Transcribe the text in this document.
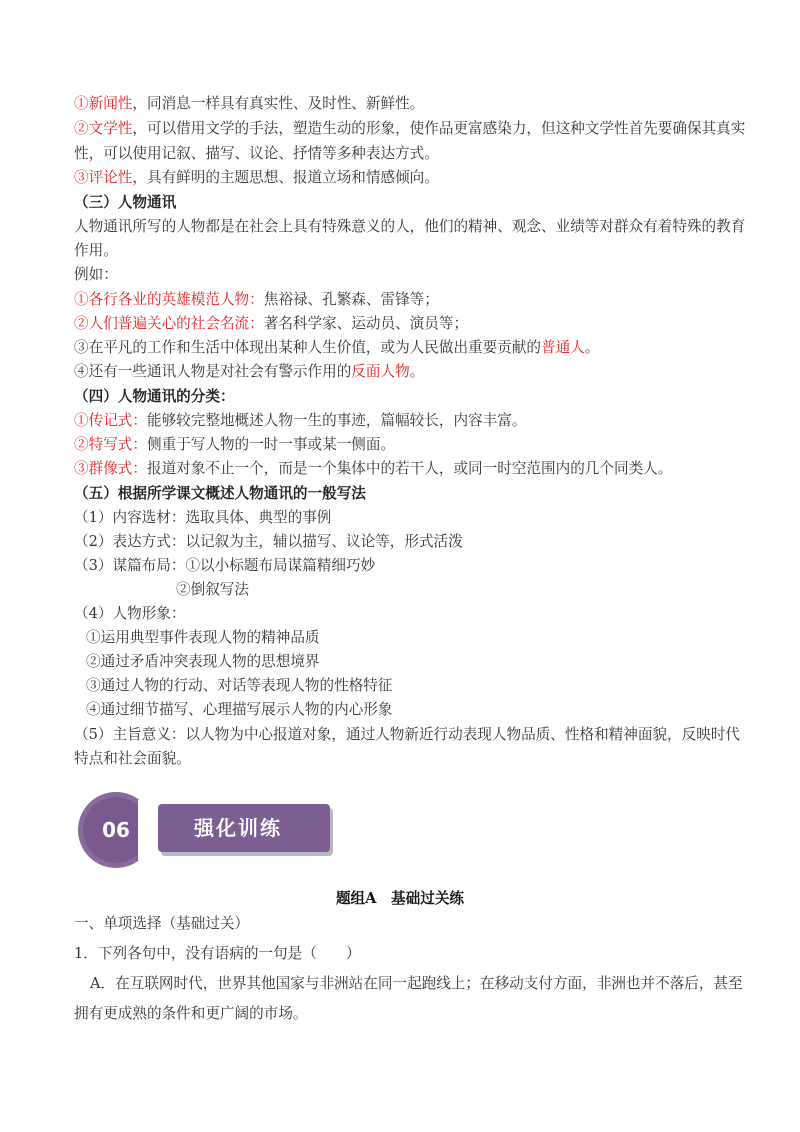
①新闻性，同消息一样具有真实性、及时性、新鲜性。
②文学性，可以借用文学的手法，塑造生动的形象，使作品更富感染力，但这种文学性首先要确保其真实
性，可以使用记叙、描写、议论、抒情等多种表达方式。
③评论性，具有鲜明的主题思想、报道立场和情感倾向。
（三）人物通讯
人物通讯所写的人物都是在社会上具有特殊意义的人，他们的精神、观念、业绩等对群众有着特殊的教育
作用。
例如：
①各行各业的英雄模范人物：焦裕禄、孔繁森、雷锋等；
②人们普遍关心的社会名流：著名科学家、运动员、演员等；
③在平凡的工作和生活中体现出某种人生价值，或为人民做出重要贡献的普通人。
④还有一些通讯人物是对社会有警示作用的反面人物。
（四）人物通讯的分类：
①传记式：能够较完整地概述人物一生的事迹，篇幅较长，内容丰富。
②特写式：侧重于写人物的一时一事或某一侧面。
③群像式：报道对象不止一个，而是一个集体中的若干人，或同一时空范围内的几个同类人。
（五）根据所学课文概述人物通讯的一般写法
（1）内容选材：选取具体、典型的事例
（2）表达方式：以记叙为主，辅以描写、议论等，形式活泼
（3）谋篇布局：①以小标题布局谋篇精细巧妙
②倒叙写法
（4）人物形象：
①运用典型事件表现人物的精神品质
②通过矛盾冲突表现人物的思想境界
③通过人物的行动、对话等表现人物的性格特征
④通过细节描写、心理描写展示人物的内心形象
（5）主旨意义：以人物为中心报道对象，通过人物新近行动表现人物品质、性格和精神面貌，反映时代
特点和社会面貌。
06	强化训练
题组A　基础过关练
一、单项选择（基础过关）
1．下列各句中，没有语病的一句是（　　）
A．在互联网时代，世界其他国家与非洲站在同一起跑线上；在移动支付方面，非洲也并不落后，甚至
拥有更成熟的条件和更广阔的市场。
